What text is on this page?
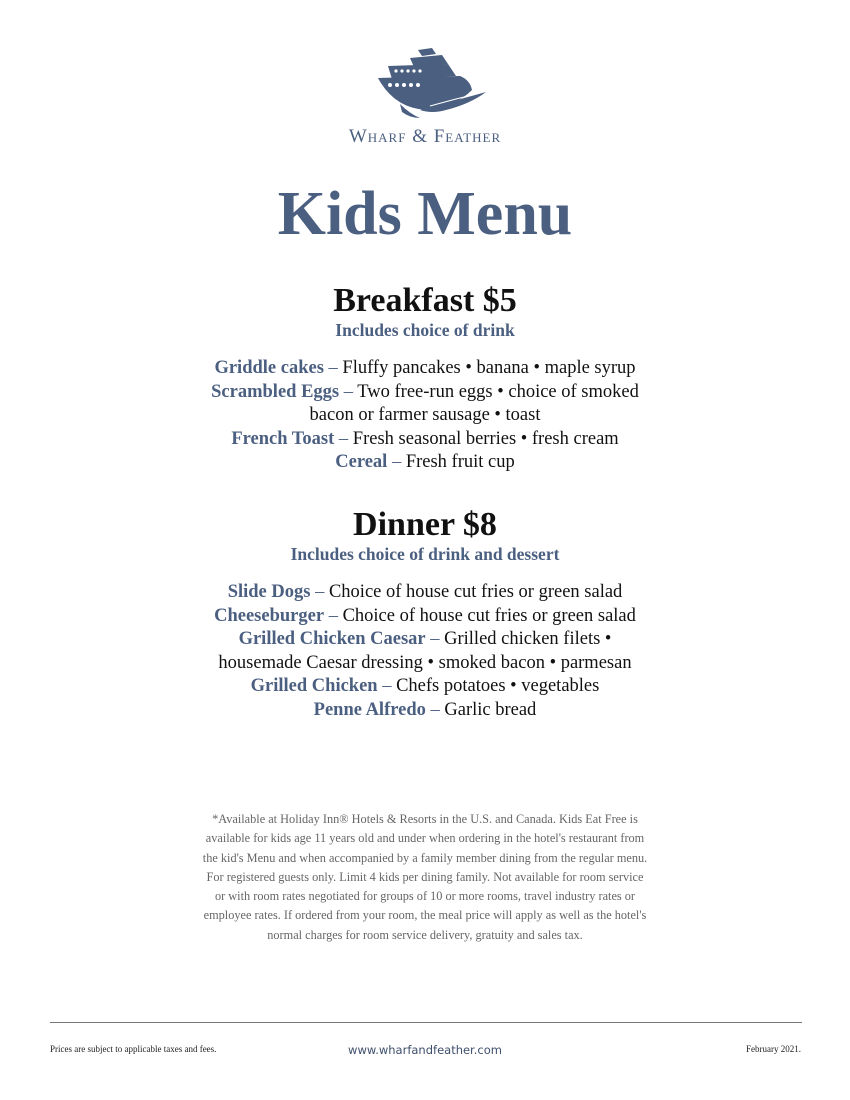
Wharf & Feather
Kids Menu
Breakfast $5
Includes choice of drink
Griddle cakes – Fluffy pancakes • banana • maple syrup
Scrambled Eggs – Two free-run eggs • choice of smoked bacon or farmer sausage • toast
French Toast – Fresh seasonal berries • fresh cream
Cereal – Fresh fruit cup
Dinner $8
Includes choice of drink and dessert
Slide Dogs – Choice of house cut fries or green salad
Cheeseburger – Choice of house cut fries or green salad
Grilled Chicken Caesar – Grilled chicken filets • housemade Caesar dressing • smoked bacon • parmesan
Grilled Chicken – Chefs potatoes • vegetables
Penne Alfredo – Garlic bread
*Available at Holiday Inn® Hotels & Resorts in the U.S. and Canada. Kids Eat Free is available for kids age 11 years old and under when ordering in the hotel's restaurant from the kid's Menu and when accompanied by a family member dining from the regular menu. For registered guests only. Limit 4 kids per dining family. Not available for room service or with room rates negotiated for groups of 10 or more rooms, travel industry rates or employee rates. If ordered from your room, the meal price will apply as well as the hotel's normal charges for room service delivery, gratuity and sales tax.
Prices are subject to applicable taxes and fees.	www.wharfandfeather.com	February 2021.
